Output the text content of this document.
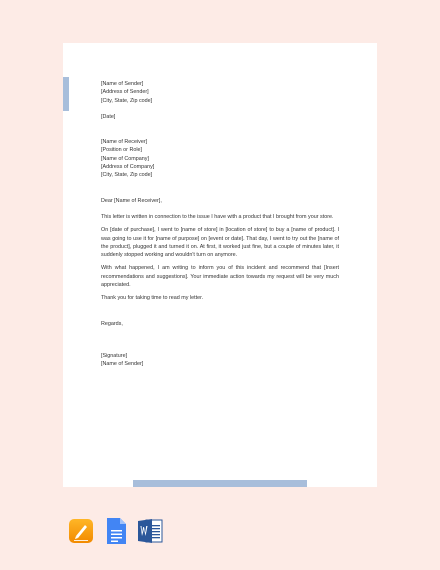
[Name of Sender]
[Address of Sender]
[City, State, Zip code]
[Date]
[Name of Receiver]
[Position or Role]
[Name of Company]
[Address of Company]
[City, State, Zip code]
Dear [Name of Receiver],

This letter is written in connection to the issue I have with a product that I brought from your store.

On [date of purchase], I went to [name of store] in [location of store] to buy a [name of product]. I was going to use it for [name of purpose] on [event or date]. That day, I went to try out the [name of the product], plugged it and turned it on. At first, it worked just fine, but a couple of minutes later, it suddenly stopped working and wouldn't turn on anymore.

With what happened, I am writing to inform you of this incident and recommend that [Insert recommendations and suggestions]. Your immediate action towards my request will be very much appreciated.

Thank you for taking time to read my letter.

Regards,
[Signature]
[Name of Sender]
